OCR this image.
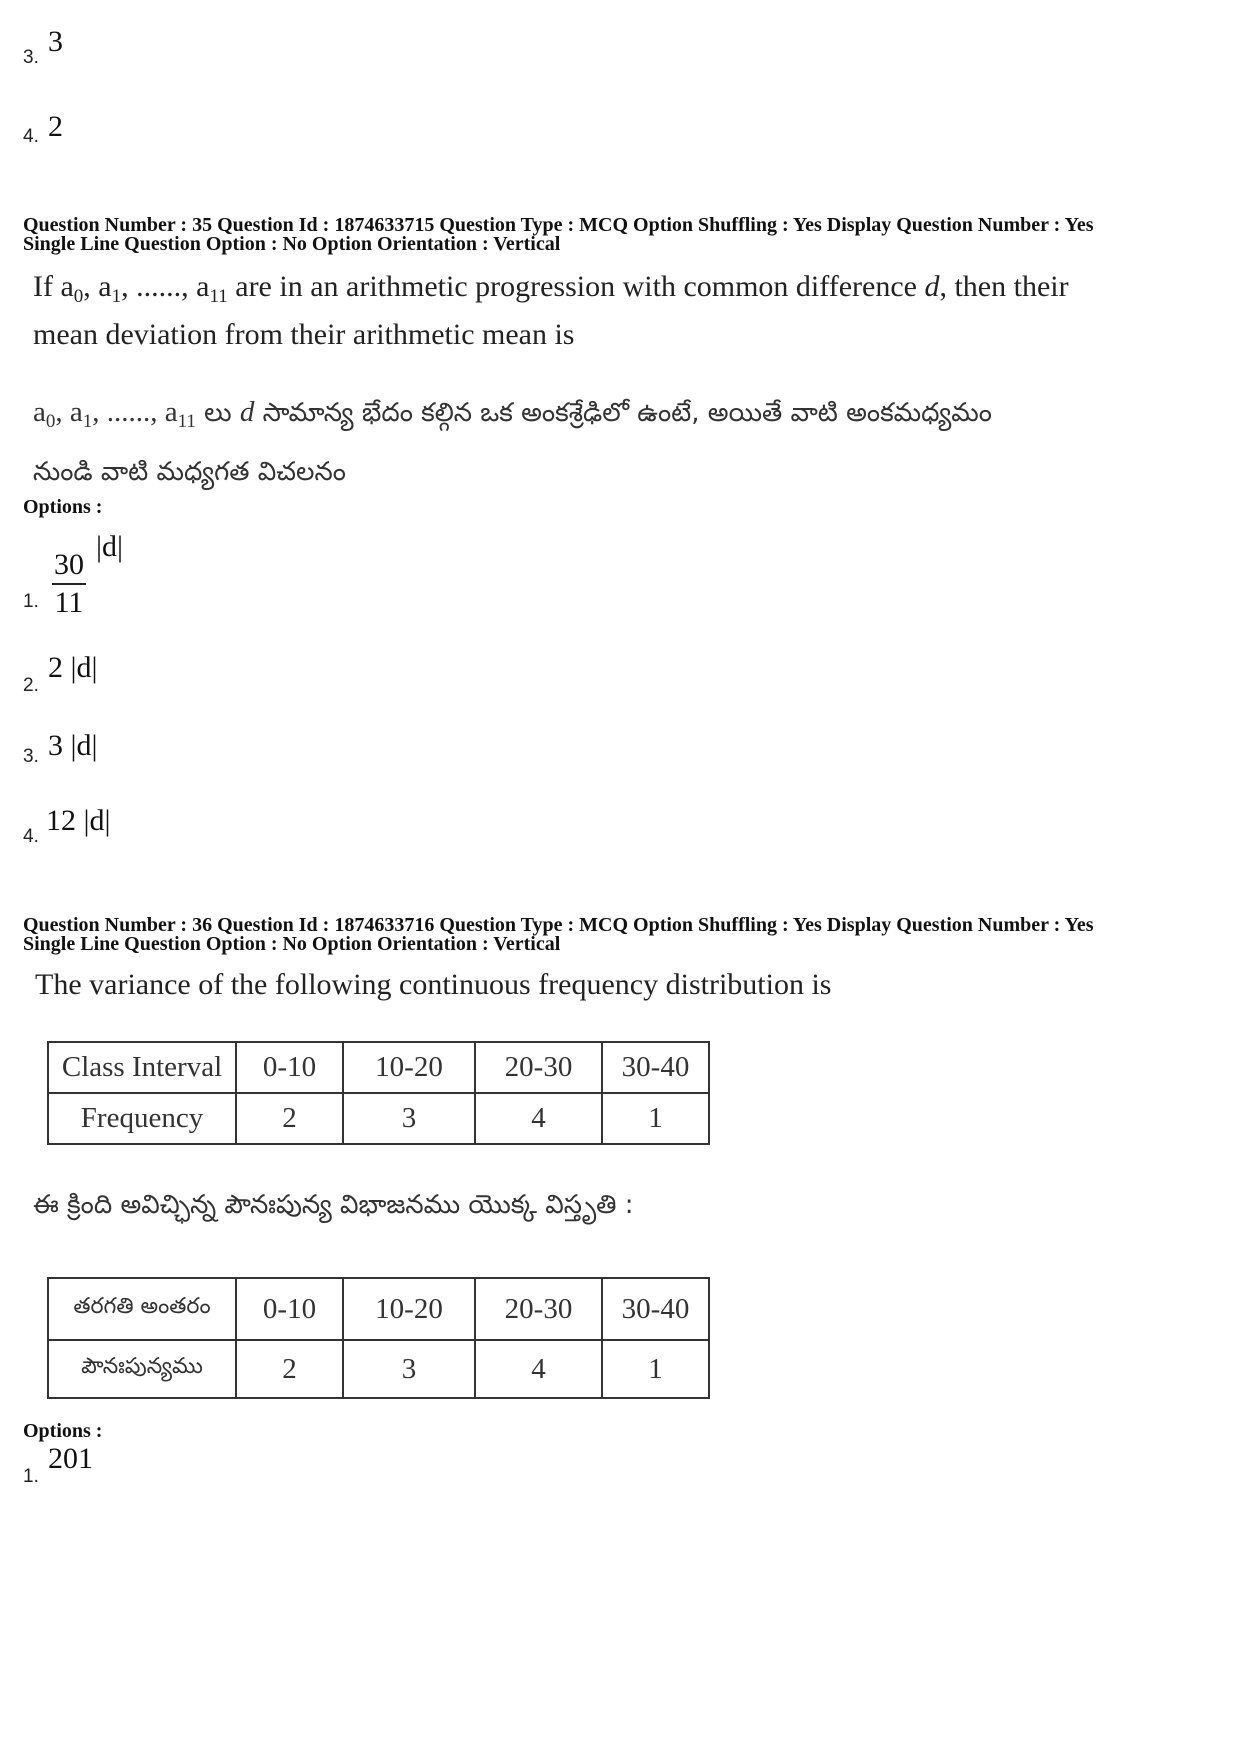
3. 3
4. 2
Question Number : 35 Question Id : 1874633715 Question Type : MCQ Option Shuffling : Yes Display Question Number : Yes
Single Line Question Option : No Option Orientation : Vertical
If $a_0$, $a_1$, ......, $a_{11}$ are in an arithmetic progression with common difference d, then their
mean deviation from their arithmetic mean is
$a_0$, $a_1$, ......, $a_{11}$ లు d సామాన్య భేదం కల్గిన ఒక అంకశ్రేఢిలో ఉంటే, అయితే వాటి అంకమధ్యమం
నుండి వాటి మధ్యగత విచలనం
Options :
1. $\frac{30}{11}$
|d|
2.
2 |d|
3. 3 |d|
4. 12 |d|
Question Number : 36 Question Id : 1874633716 Question Type : MCQ Option Shuffling : Yes Display Question Number : Yes
Single Line Question Option : No Option Orientation : Vertical
The variance of the following continuous frequency distribution is
Class Interval	0-10	10-20	20-30	30-40
Frequency	2	3	4	1
ఈ క్రింది అవిచ్ఛిన్న పౌనఃపున్య విభాజనము యొక్క విస్తృతి :
తరగతి అంతరం	0-10	10-20	20-30	30-40
పౌనఃపున్యము	2	3	4	1
Options :
1.
201
